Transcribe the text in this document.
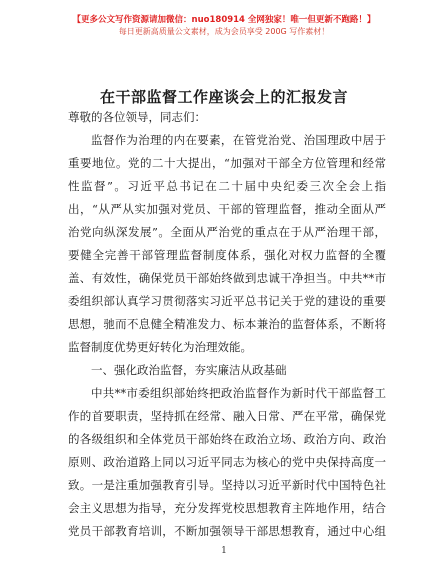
【更多公文写作资源请加微信：nuo180914 全网独家！唯一但更新不跑路！】
每日更新高质量公文素材，成为会员享受 200G 写作素材！
在干部监督工作座谈会上的汇报发言
尊敬的各位领导，同志们：
监督作为治理的内在要素，在管党治党、治国理政中居于
重要地位。党的二十大提出，“加强对干部全方位管理和经常
性监督”。习近平总书记在二十届中央纪委三次全会上指
出，“从严从实加强对党员、干部的管理监督，推动全面从严
治党向纵深发展”。全面从严治党的重点在于从严治理干部，
要健全完善干部管理监督制度体系，强化对权力监督的全覆
盖、有效性，确保党员干部始终做到忠诚干净担当。中共**市
委组织部认真学习贯彻落实习近平总书记关于党的建设的重要
思想，驰而不息健全精准发力、标本兼治的监督体系，不断将
监督制度优势更好转化为治理效能。
一、强化政治监督，夯实廉洁从政基础
中共**市委组织部始终把政治监督作为新时代干部监督工
作的首要职责，坚持抓在经常、融入日常、严在平常，确保党
的各级组织和全体党员干部始终在政治立场、政治方向、政治
原则、政治道路上同以习近平同志为核心的党中央保持高度一
致。一是注重加强教育引导。坚持以习近平新时代中国特色社
会主义思想为指导，充分发挥党校思想教育主阵地作用，结合
党员干部教育培训，不断加强领导干部思想教育，通过中心组
1
